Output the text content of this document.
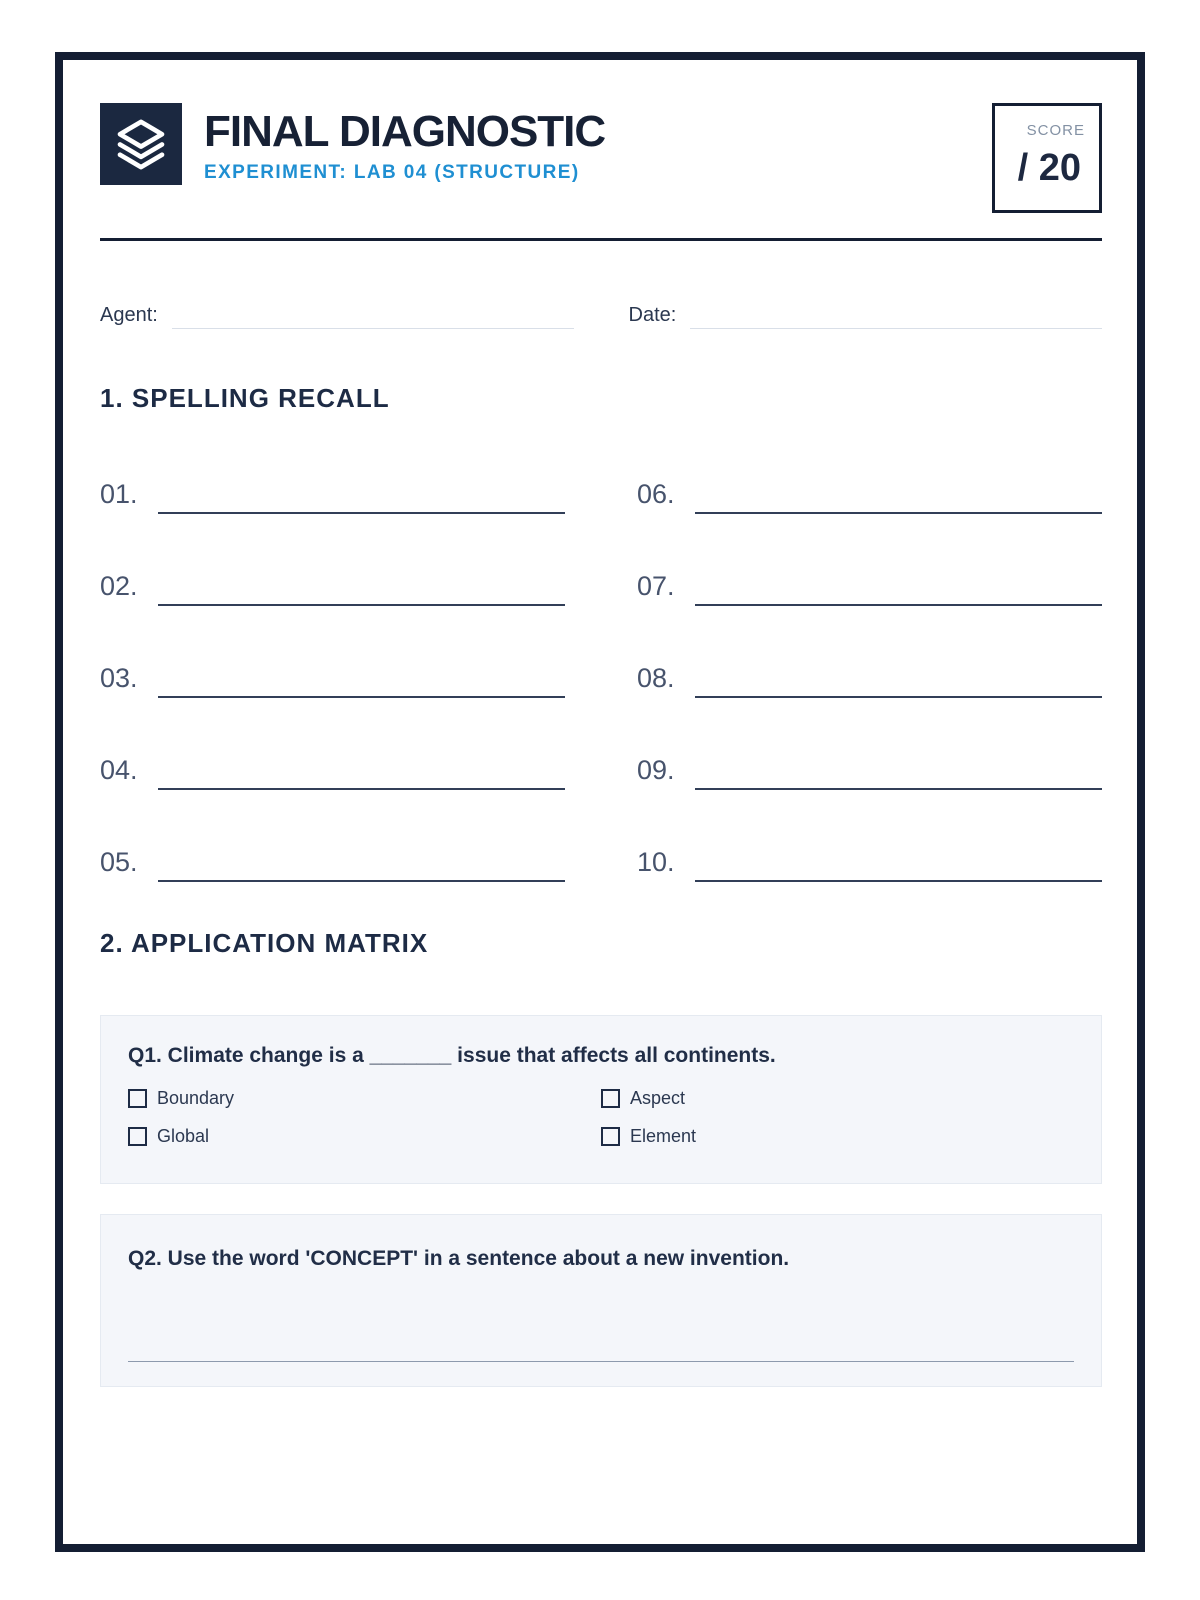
FINAL DIAGNOSTIC
EXPERIMENT: LAB 04 (STRUCTURE)
SCORE
/ 20
Agent:	Date:
1. SPELLING RECALL
01.
02.
03.
04.
05.
06.
07.
08.
09.
10.
2. APPLICATION MATRIX
Q1. Climate change is a _______ issue that affects all continents.
Boundary
Global
Aspect
Element
Q2. Use the word 'CONCEPT' in a sentence about a new invention.
